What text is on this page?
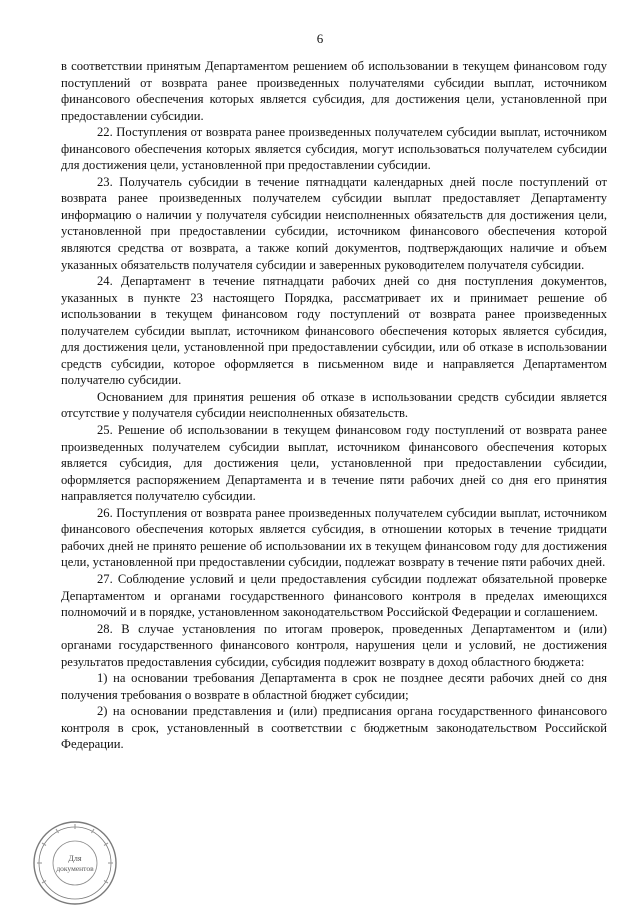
6

в соответствии принятым Департаментом решением об использовании в текущем финансовом году поступлений от возврата ранее произведенных получателями субсидии выплат, источником финансового обеспечения которых является субсидия, для достижения цели, установленной при предоставлении субсидии.

22. Поступления от возврата ранее произведенных получателем субсидии выплат, источником финансового обеспечения которых является субсидия, могут использоваться получателем субсидии для достижения цели, установленной при предоставлении субсидии.

23. Получатель субсидии в течение пятнадцати календарных дней после поступлений от возврата ранее произведенных получателем субсидии выплат предоставляет Департаменту информацию о наличии у получателя субсидии неисполненных обязательств для достижения цели, установленной при предоставлении субсидии, источником финансового обеспечения которой являются средства от возврата, а также копий документов, подтверждающих наличие и объем указанных обязательств получателя субсидии и заверенных руководителем получателя субсидии.

24. Департамент в течение пятнадцати рабочих дней со дня поступления документов, указанных в пункте 23 настоящего Порядка, рассматривает их и принимает решение об использовании в текущем финансовом году поступлений от возврата ранее произведенных получателем субсидии выплат, источником финансового обеспечения которых является субсидия, для достижения цели, установленной при предоставлении субсидии, или об отказе в использовании средств субсидии, которое оформляется в письменном виде и направляется Департаментом получателю субсидии.

Основанием для принятия решения об отказе в использовании средств субсидии является отсутствие у получателя субсидии неисполненных обязательств.

25. Решение об использовании в текущем финансовом году поступлений от возврата ранее произведенных получателем субсидии выплат, источником финансового обеспечения которых является субсидия, для достижения цели, установленной при предоставлении субсидии, оформляется распоряжением Департамента и в течение пяти рабочих дней со дня его принятия направляется получателю субсидии.

26. Поступления от возврата ранее произведенных получателем субсидии выплат, источником финансового обеспечения которых является субсидия, в отношении которых в течение тридцати рабочих дней не принято решение об использовании их в текущем финансовом году для достижения цели, установленной при предоставлении субсидии, подлежат возврату в течение пяти рабочих дней.

27. Соблюдение условий и цели предоставления субсидии подлежат обязательной проверке Департаментом и органами государственного финансового контроля в пределах имеющихся полномочий и в порядке, установленном законодательством Российской Федерации и соглашением.

28. В случае установления по итогам проверок, проведенных Департаментом и (или) органами государственного финансового контроля, нарушения цели и условий, не достижения результатов предоставления субсидии, субсидия подлежит возврату в доход областного бюджета:

1) на основании требования Департамента в срок не позднее десяти рабочих дней со дня получения требования о возврате в областной бюджет субсидии;

2) на основании представления и (или) предписания органа государственного финансового контроля в срок, установленный в соответствии с бюджетным законодательством Российской Федерации.

Для
документов
